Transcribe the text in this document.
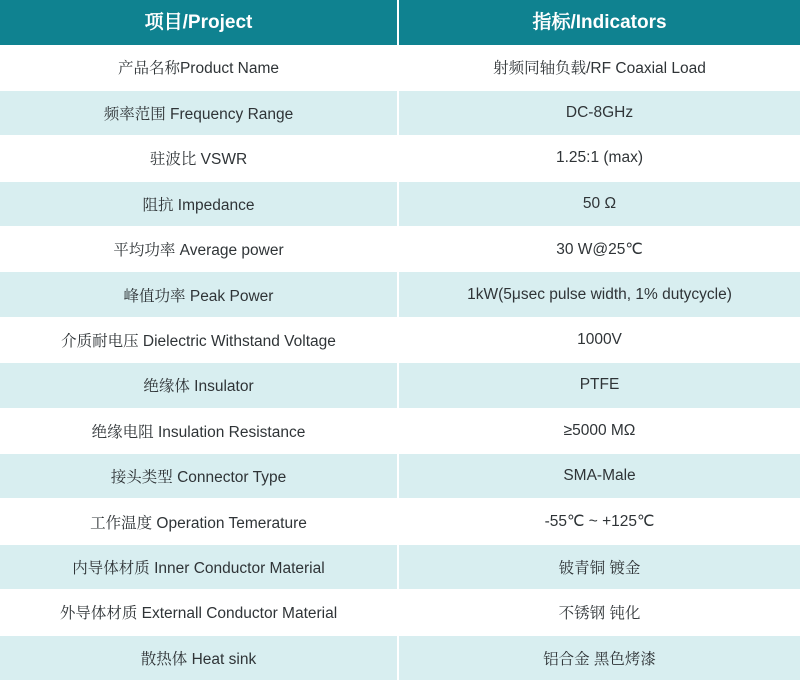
项目/Project	指标/Indicators
产品名称Product Name	射频同轴负载/RF Coaxial Load
频率范围 Frequency Range	DC-8GHz
驻波比 VSWR	1.25:1 (max)
阻抗 Impedance	50 Ω
平均功率 Average power	30 W@25℃
峰值功率 Peak Power	1kW(5μsec pulse width, 1% dutycycle)
介质耐电压 Dielectric Withstand Voltage	1000V
绝缘体 Insulator	PTFE
绝缘电阻 Insulation Resistance	≥5000 MΩ
接头类型 Connector Type	SMA-Male
工作温度 Operation Temerature	-55℃ ~ +125℃
内导体材质 Inner Conductor Material	铍青铜 镀金
外导体材质 Externall Conductor Material	不锈钢 钝化
散热体 Heat sink	铝合金 黑色烤漆
